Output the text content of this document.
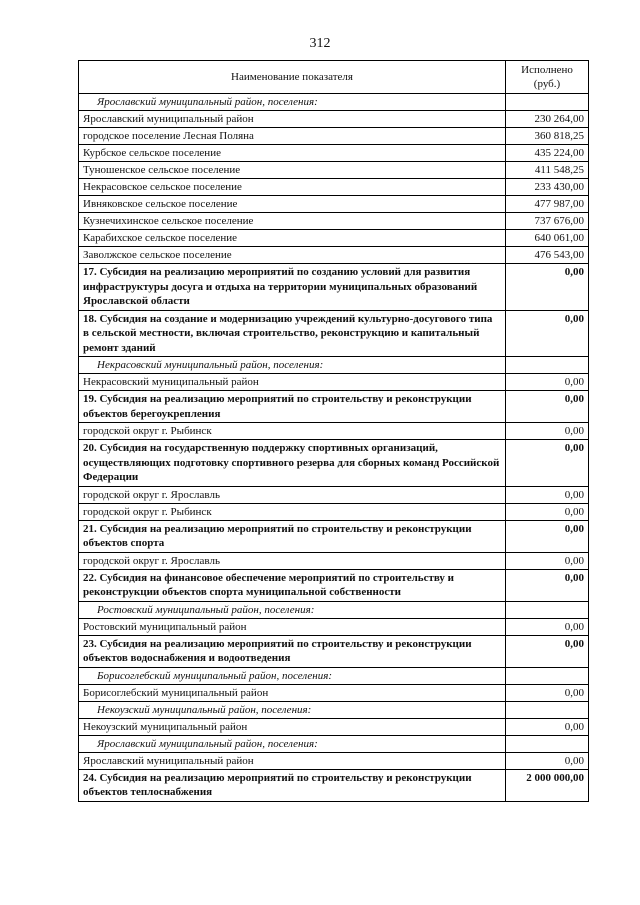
312
Наименование показателя	Исполнено (руб.)
Ярославский муниципальный район, поселения:	
Ярославский муниципальный район	230 264,00
городское поселение Лесная Поляна	360 818,25
Курбское сельское поселение	435 224,00
Туношенское сельское поселение	411 548,25
Некрасовское сельское поселение	233 430,00
Ивняковское сельское поселение	477 987,00
Кузнечихинское сельское поселение	737 676,00
Карабихское сельское поселение	640 061,00
Заволжское сельское поселение	476 543,00
17. Субсидия на реализацию мероприятий по созданию условий для развития инфраструктуры досуга и отдыха на территории муниципальных образований Ярославской области	0,00
18. Субсидия на создание и модернизацию учреждений культурно-досугового типа в сельской местности, включая строительство, реконструкцию и капитальный ремонт зданий	0,00
Некрасовский муниципальный район, поселения:	
Некрасовский муниципальный район	0,00
19. Субсидия на реализацию мероприятий по строительству и реконструкции объектов берегоукрепления	0,00
городской округ г. Рыбинск	0,00
20. Субсидия на государственную поддержку спортивных организаций, осуществляющих подготовку спортивного резерва для сборных команд Российской Федерации	0,00
городской округ г. Ярославль	0,00
городской округ г. Рыбинск	0,00
21. Субсидия на реализацию мероприятий по строительству и реконструкции объектов спорта	0,00
городской округ г. Ярославль	0,00
22. Субсидия на финансовое обеспечение мероприятий по строительству и реконструкции объектов спорта муниципальной собственности	0,00
Ростовский муниципальный район, поселения:	
Ростовский муниципальный район	0,00
23. Субсидия на реализацию мероприятий по строительству и реконструкции объектов водоснабжения и водоотведения	0,00
Борисоглебский муниципальный район, поселения:	
Борисоглебский муниципальный район	0,00
Некоузский муниципальный район, поселения:	
Некоузский муниципальный район	0,00
Ярославский муниципальный район, поселения:	
Ярославский муниципальный район	0,00
24. Субсидия на реализацию мероприятий по строительству и реконструкции объектов теплоснабжения	2 000 000,00
